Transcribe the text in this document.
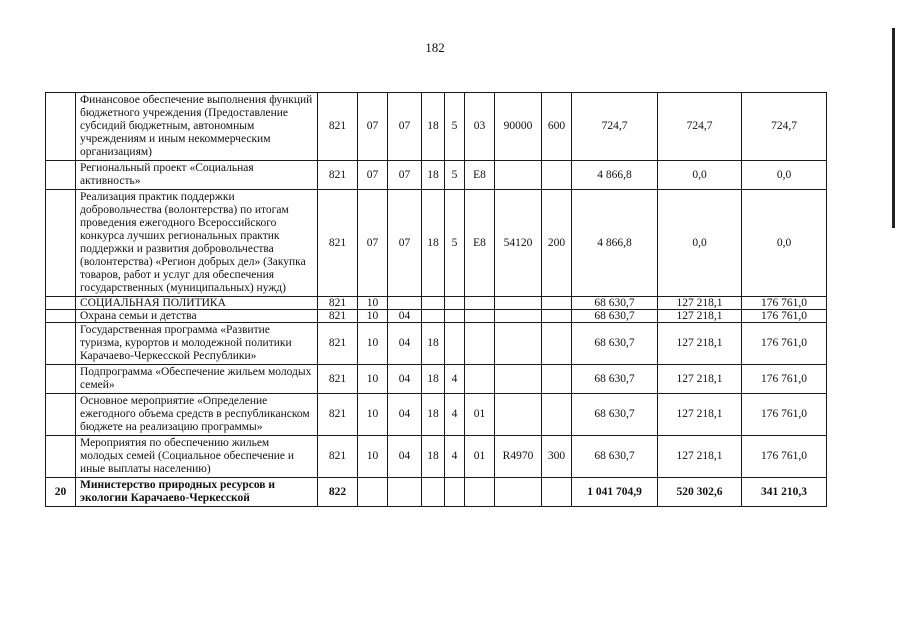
182
	Финансовое обеспечение выполнения функций бюджетного учреждения (Предоставление субсидий бюджетным, автономным учреждениям и иным некоммерческим организациям)	821	07	07	18	5	03	90000	600	724,7	724,7	724,7
	Региональный проект «Социальная активность»	821	07	07	18	5	Е8			4 866,8	0,0	0,0
	Реализация практик поддержки добровольчества (волонтерства) по итогам проведения ежегодного Всероссийского конкурса лучших региональных практик поддержки и развития добровольчества (волонтерства) «Регион добрых дел» (Закупка товаров, работ и услуг для обеспечения государственных (муниципальных) нужд)	821	07	07	18	5	Е8	54120	200	4 866,8	0,0	0,0
	СОЦИАЛЬНАЯ ПОЛИТИКА	821	10							68 630,7	127 218,1	176 761,0
	Охрана семьи и детства	821	10	04						68 630,7	127 218,1	176 761,0
	Государственная программа «Развитие туризма, курортов и молодежной политики Карачаево-Черкесской Республики»	821	10	04	18					68 630,7	127 218,1	176 761,0
	Подпрограмма «Обеспечение жильем молодых семей»	821	10	04	18	4				68 630,7	127 218,1	176 761,0
	Основное мероприятие «Определение ежегодного объема средств в республиканском бюджете на реализацию программы»	821	10	04	18	4	01			68 630,7	127 218,1	176 761,0
	Мероприятия по обеспечению жильем молодых семей (Социальное обеспечение и иные выплаты населению)	821	10	04	18	4	01	R4970	300	68 630,7	127 218,1	176 761,0
20	Министерство природных ресурсов и экологии Карачаево-Черкесской	822								1 041 704,9	520 302,6	341 210,3
